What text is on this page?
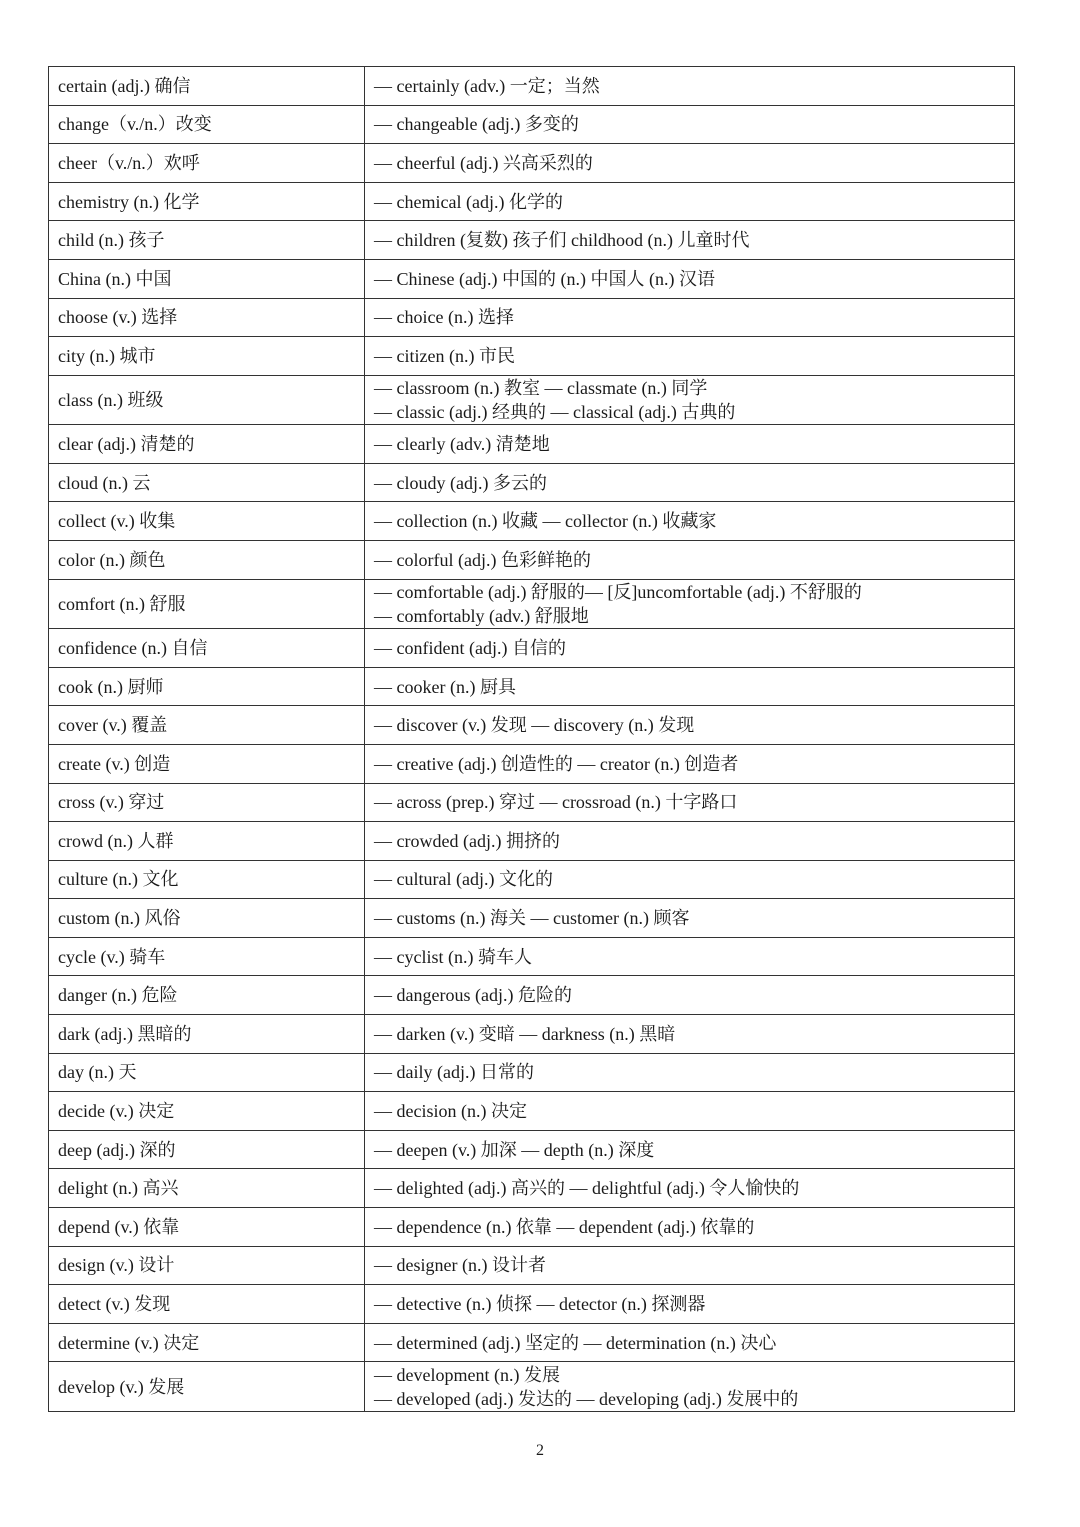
certain (adj.) 确信	— certainly (adv.) 一定；当然

change（v./n.）改变	— changeable (adj.) 多变的

cheer（v./n.）欢呼	— cheerful (adj.) 兴高采烈的

chemistry (n.) 化学	— chemical (adj.) 化学的

child (n.) 孩子	— children (复数) 孩子们 childhood (n.) 儿童时代

China (n.) 中国	— Chinese (adj.) 中国的 (n.) 中国人 (n.) 汉语

choose (v.) 选择	— choice (n.) 选择

city (n.) 城市	— citizen (n.) 市民

class (n.) 班级	— classroom (n.) 教室 — classmate (n.) 同学
— classic (adj.) 经典的 — classical (adj.) 古典的

clear (adj.) 清楚的	— clearly (adv.) 清楚地

cloud (n.) 云	— cloudy (adj.) 多云的

collect (v.) 收集	— collection (n.) 收藏 — collector (n.) 收藏家

color (n.) 颜色	— colorful (adj.) 色彩鲜艳的

comfort (n.) 舒服	— comfortable (adj.) 舒服的— [反]uncomfortable (adj.) 不舒服的
— comfortably (adv.) 舒服地

confidence (n.) 自信	— confident (adj.) 自信的

cook (n.) 厨师	— cooker (n.) 厨具

cover (v.) 覆盖	— discover (v.) 发现 — discovery (n.) 发现

create (v.) 创造	— creative (adj.) 创造性的 — creator (n.) 创造者

cross (v.) 穿过	— across (prep.) 穿过 — crossroad (n.) 十字路口

crowd (n.) 人群	— crowded (adj.) 拥挤的

culture (n.) 文化	— cultural (adj.) 文化的

custom (n.) 风俗	— customs (n.) 海关 — customer (n.) 顾客

cycle (v.) 骑车	— cyclist (n.) 骑车人

danger (n.) 危险	— dangerous (adj.) 危险的

dark (adj.) 黑暗的	— darken (v.) 变暗 — darkness (n.) 黑暗

day (n.) 天	— daily (adj.) 日常的

decide (v.) 决定	— decision (n.) 决定

deep (adj.) 深的	— deepen (v.) 加深 — depth (n.) 深度

delight (n.) 高兴	— delighted (adj.) 高兴的 — delightful (adj.) 令人愉快的

depend (v.) 依靠	— dependence (n.) 依靠 — dependent (adj.) 依靠的

design (v.) 设计	— designer (n.) 设计者

detect (v.) 发现	— detective (n.) 侦探 — detector (n.) 探测器

determine (v.) 决定	— determined (adj.) 坚定的 — determination (n.) 决心

develop (v.) 发展	— development (n.) 发展
— developed (adj.) 发达的 — developing (adj.) 发展中的
2
